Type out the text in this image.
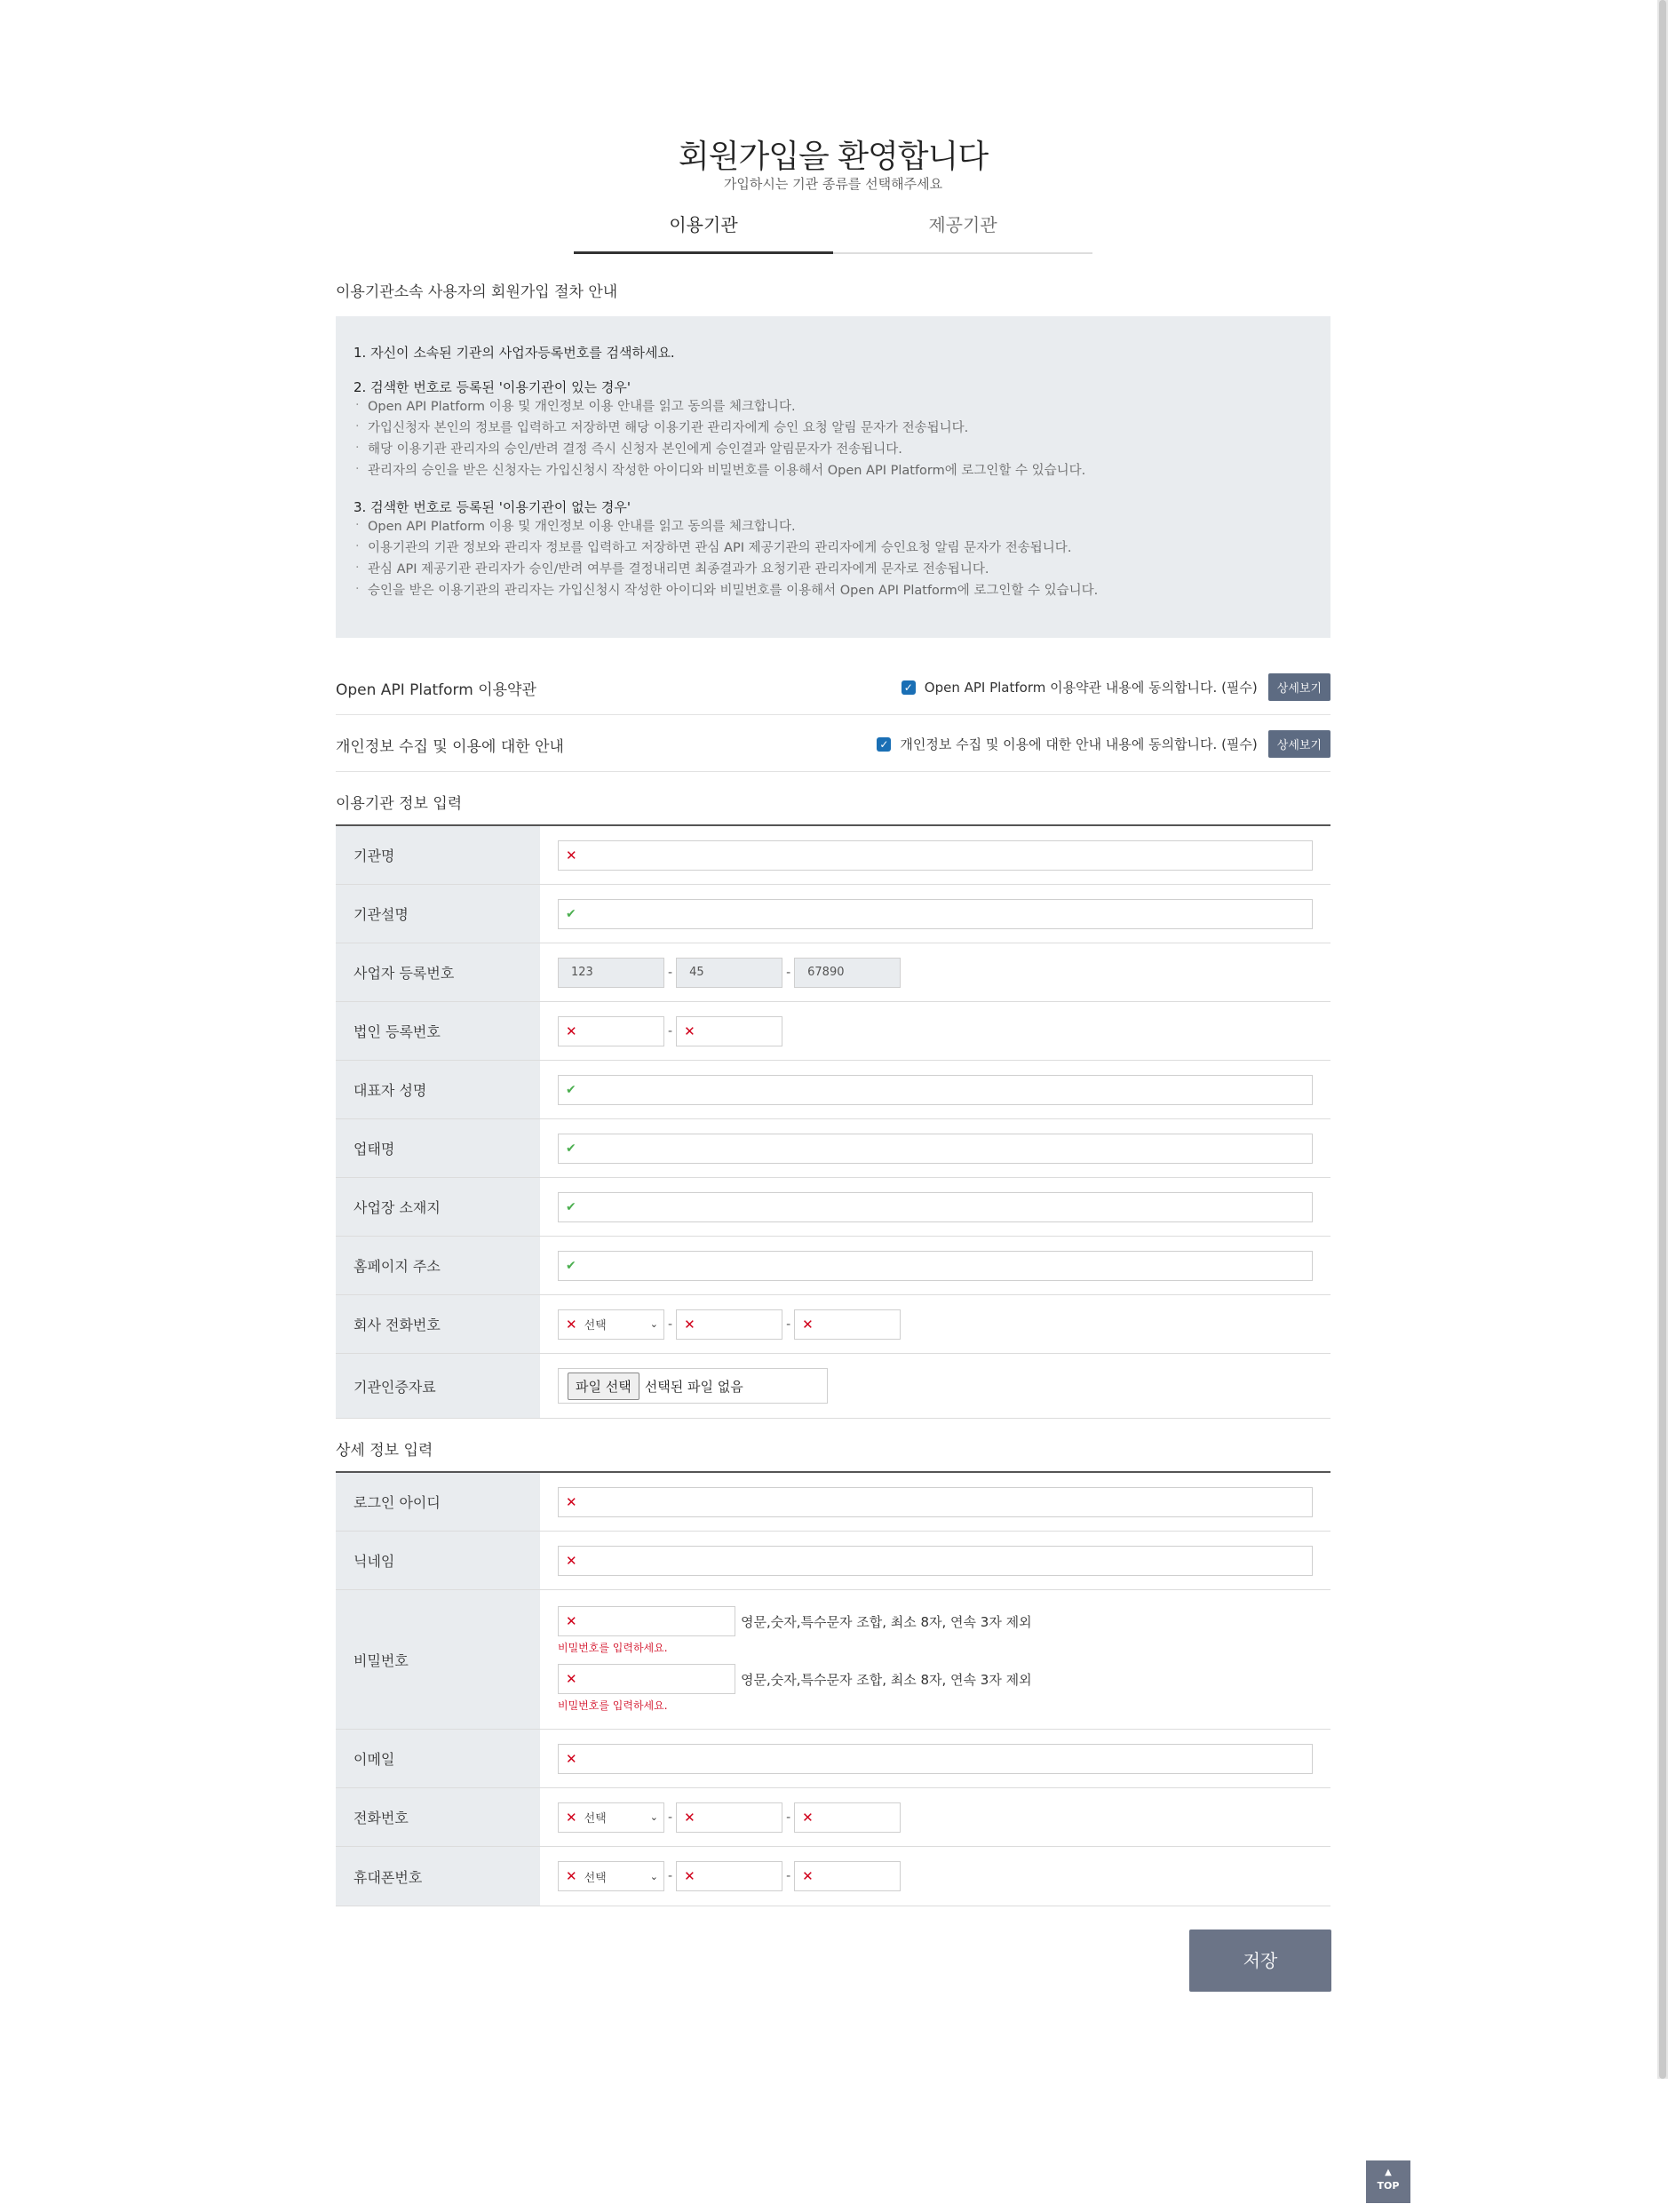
회원가입을 환영합니다
가입하시는 기관 종류를 선택해주세요
이용기관	제공기관
이용기관소속 사용자의 회원가입 절차 안내
1. 자신이 소속된 기관의 사업자등록번호를 검색하세요.
2. 검색한 번호로 등록된 '이용기관이 있는 경우'
· Open API Platform 이용 및 개인정보 이용 안내를 읽고 동의를 체크합니다.
· 가입신청자 본인의 정보를 입력하고 저장하면 해당 이용기관 관리자에게 승인 요청 알림 문자가 전송됩니다.
· 해당 이용기관 관리자의 승인/반려 결정 즉시 신청자 본인에게 승인결과 알림문자가 전송됩니다.
· 관리자의 승인을 받은 신청자는 가입신청시 작성한 아이디와 비밀번호를 이용해서 Open API Platform에 로그인할 수 있습니다.
3. 검색한 번호로 등록된 '이용기관이 없는 경우'
· Open API Platform 이용 및 개인정보 이용 안내를 읽고 동의를 체크합니다.
· 이용기관의 기관 정보와 관리자 정보를 입력하고 저장하면 관심 API 제공기관의 관리자에게 승인요청 알림 문자가 전송됩니다.
· 관심 API 제공기관 관리자가 승인/반려 여부를 결정내리면 최종결과가 요청기관 관리자에게 문자로 전송됩니다.
· 승인을 받은 이용기관의 관리자는 가입신청시 작성한 아이디와 비밀번호를 이용해서 Open API Platform에 로그인할 수 있습니다.
Open API Platform 이용약관	✓ Open API Platform 이용약관 내용에 동의합니다. (필수)	상세보기
개인정보 수집 및 이용에 대한 안내	✓ 개인정보 수집 및 이용에 대한 안내 내용에 동의합니다. (필수)	상세보기
이용기관 정보 입력
기관명	✕
기관설명	✔
사업자 등록번호	123	-	45	-	67890
법인 등록번호	✕	- ✕
대표자 성명	✔
업태명	✔
사업장 소재지	✔
홈페이지 주소	✔
회사 전화번호	✕ 선택	⌄ - ✕	- ✕
기관인증자료	파일 선택	선택된 파일 없음
상세 정보 입력
로그인 아이디	✕
닉네임	✕
비밀번호
✕	영문,숫자,특수문자 조합, 최소 8자, 연속 3자 제외
비밀번호를 입력하세요.
✕	영문,숫자,특수문자 조합, 최소 8자, 연속 3자 제외
비밀번호를 입력하세요.
이메일	✕
전화번호	✕ 선택	⌄ - ✕	- ✕
휴대폰번호	✕ 선택	⌄ - ✕	- ✕
저장
▲
TOP
